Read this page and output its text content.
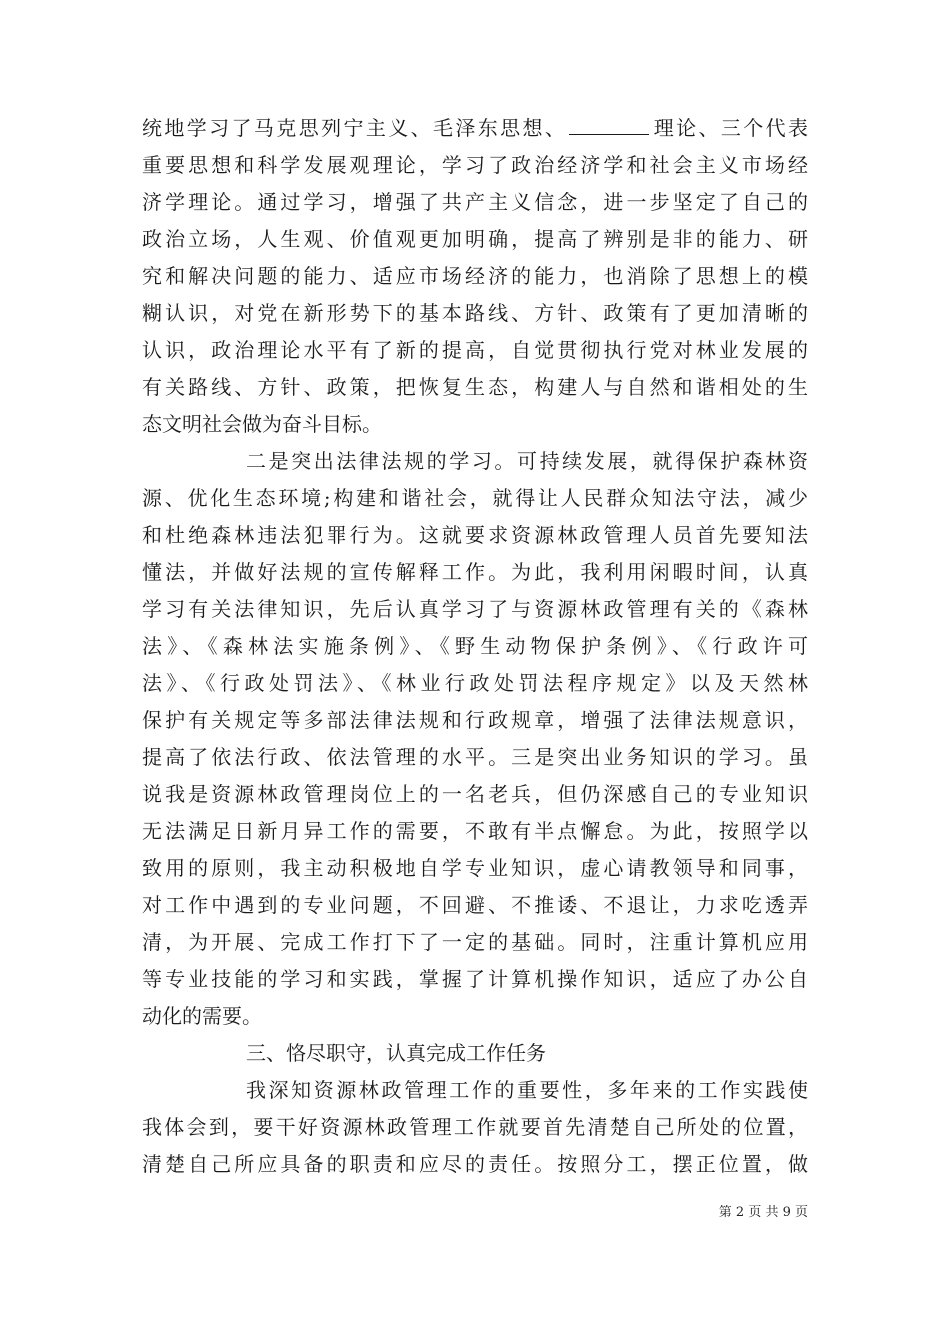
统地学习了马克思列宁主义、毛泽东思想、	理论、三个代表
重要思想和科学发展观理论，学习了政治经济学和社会主义市场经
济学理论。通过学习，增强了共产主义信念，进一步坚定了自己的
政治立场，人生观、价值观更加明确，提高了辨别是非的能力、研
究和解决问题的能力、适应市场经济的能力，也消除了思想上的模
糊认识，对党在新形势下的基本路线、方针、政策有了更加清晰的
认识，政治理论水平有了新的提高，自觉贯彻执行党对林业发展的
有关路线、方针、政策，把恢复生态，构建人与自然和谐相处的生
态文明社会做为奋斗目标。
二是突出法律法规的学习。可持续发展，就得保护森林资
源、优化生态环境;构建和谐社会，就得让人民群众知法守法，减少
和杜绝森林违法犯罪行为。这就要求资源林政管理人员首先要知法
懂法，并做好法规的宣传解释工作。为此，我利用闲暇时间，认真
学习有关法律知识，先后认真学习了与资源林政管理有关的《森林
法》、《森林法实施条例》、《野生动物保护条例》、《行政许可
法》、《行政处罚法》、《林业行政处罚法程序规定》以及天然林
保护有关规定等多部法律法规和行政规章，增强了法律法规意识，
提高了依法行政、依法管理的水平。三是突出业务知识的学习。虽
说我是资源林政管理岗位上的一名老兵，但仍深感自己的专业知识
无法满足日新月异工作的需要，不敢有半点懈怠。为此，按照学以
致用的原则，我主动积极地自学专业知识，虚心请教领导和同事，
对工作中遇到的专业问题，不回避、不推诿、不退让，力求吃透弄
清，为开展、完成工作打下了一定的基础。同时，注重计算机应用
等专业技能的学习和实践，掌握了计算机操作知识，适应了办公自
动化的需要。
三、恪尽职守，认真完成工作任务
我深知资源林政管理工作的重要性，多年来的工作实践使
我体会到，要干好资源林政管理工作就要首先清楚自己所处的位置，
清楚自己所应具备的职责和应尽的责任。按照分工，摆正位置，做
第 2 页 共 9 页
